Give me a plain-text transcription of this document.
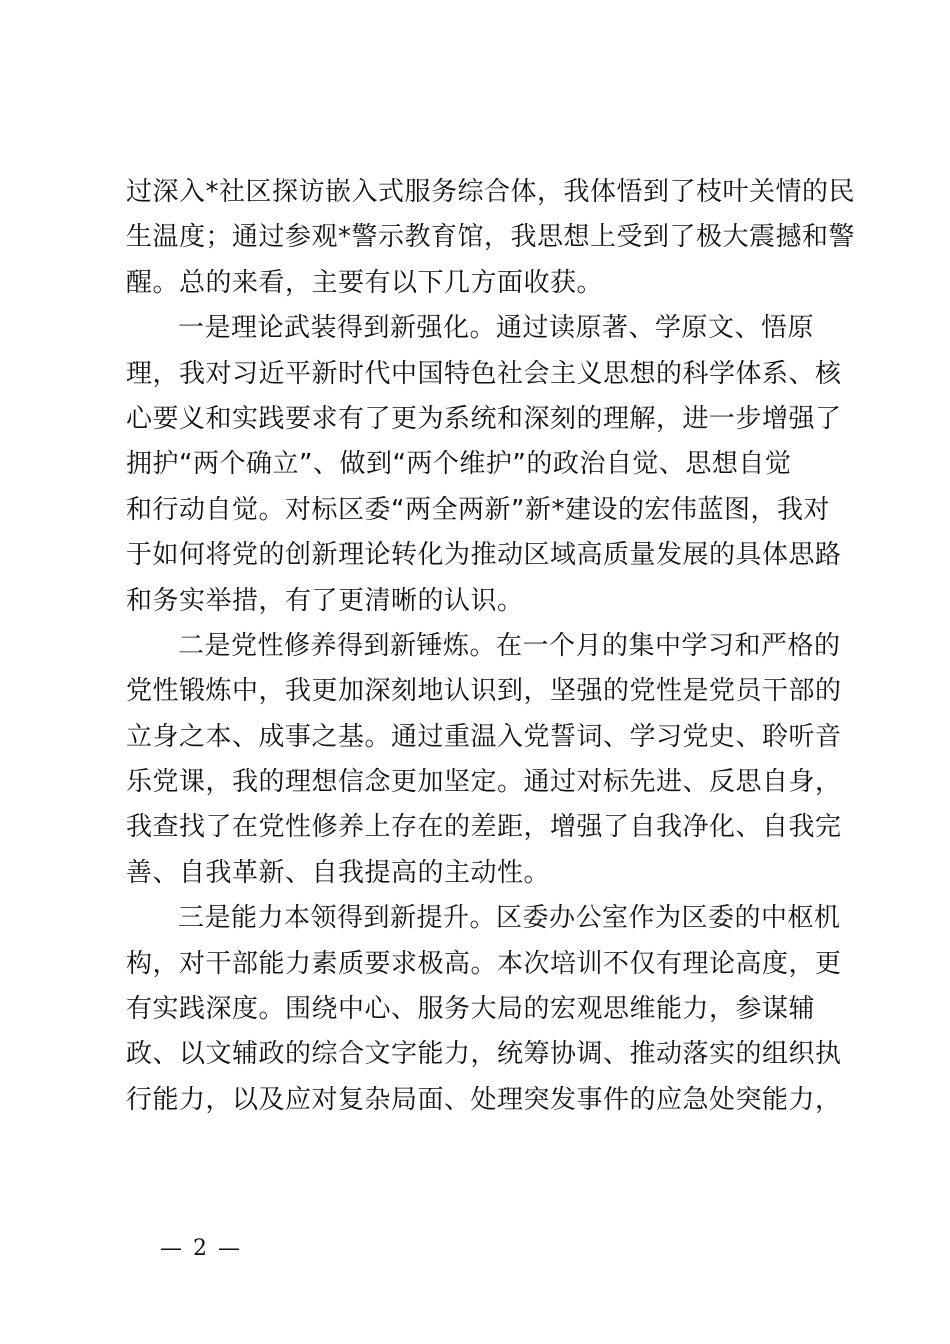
过深入*社区探访嵌入式服务综合体，我体悟到了枝叶关情的民
生温度；通过参观*警示教育馆，我思想上受到了极大震撼和警
醒。总的来看，主要有以下几方面收获。
一是理论武装得到新强化。通过读原著、学原文、悟原
理，我对习近平新时代中国特色社会主义思想的科学体系、核
心要义和实践要求有了更为系统和深刻的理解，进一步增强了
拥护“两个确立”、做到“两个维护”的政治自觉、思想自觉
和行动自觉。对标区委“两全两新”新*建设的宏伟蓝图，我对
于如何将党的创新理论转化为推动区域高质量发展的具体思路
和务实举措，有了更清晰的认识。
二是党性修养得到新锤炼。在一个月的集中学习和严格的
党性锻炼中，我更加深刻地认识到，坚强的党性是党员干部的
立身之本、成事之基。通过重温入党誓词、学习党史、聆听音
乐党课，我的理想信念更加坚定。通过对标先进、反思自身，
我查找了在党性修养上存在的差距，增强了自我净化、自我完
善、自我革新、自我提高的主动性。
三是能力本领得到新提升。区委办公室作为区委的中枢机
构，对干部能力素质要求极高。本次培训不仅有理论高度，更
有实践深度。围绕中心、服务大局的宏观思维能力，参谋辅
政、以文辅政的综合文字能力，统筹协调、推动落实的组织执
行能力，以及应对复杂局面、处理突发事件的应急处突能力，
— 2 —
